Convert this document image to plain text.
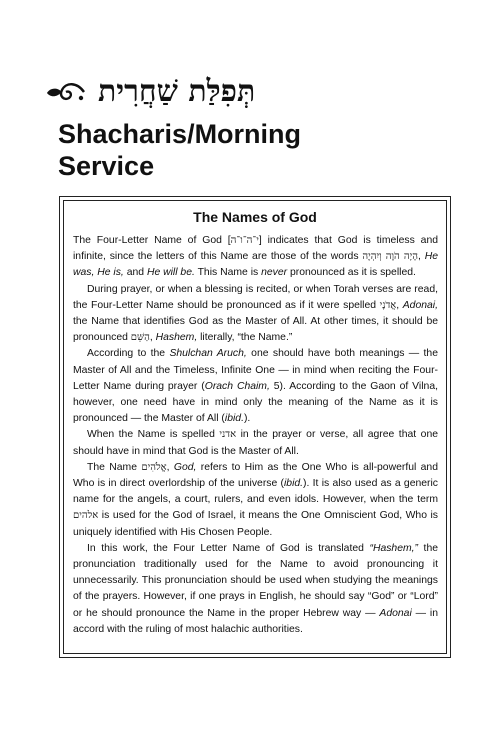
תְּפִלַּת שַׁחֲרִית
Shacharis/Morning
Service
The Names of God

The Four-Letter Name of God [י־ה־ו־ה] indicates that God is timeless and infinite, since the letters of this Name are those of the words הָיָה הֹוֶה וְיִהְיֶה, He was, He is, and He will be. This Name is never pronounced as it is spelled.

During prayer, or when a blessing is recited, or when Torah verses are read, the Four-Letter Name should be pronounced as if it were spelled אֲדֹנָי, Adonai, the Name that identifies God as the Master of All. At other times, it should be pronounced הַשֵּׁם, Hashem, literally, “the Name.”

According to the Shulchan Aruch, one should have both meanings — the Master of All and the Timeless, Infinite One — in mind when reciting the Four-Letter Name during prayer (Orach Chaim, 5). According to the Gaon of Vilna, however, one need have in mind only the meaning of the Name as it is pronounced — the Master of All (ibid.).

When the Name is spelled אדני in the prayer or verse, all agree that one should have in mind that God is the Master of All.

The Name אֱלֹהִים, God, refers to Him as the One Who is all-powerful and Who is in direct overlordship of the universe (ibid.). It is also used as a generic name for the angels, a court, rulers, and even idols. However, when the term אלהים is used for the God of Israel, it means the One Omniscient God, Who is uniquely identified with His Chosen People.

In this work, the Four Letter Name of God is translated “Hashem,” the pronunciation traditionally used for the Name to avoid pronouncing it unnecessarily. This pronunciation should be used when studying the meanings of the prayers. However, if one prays in English, he should say “God” or “Lord” or he should pronounce the Name in the proper Hebrew way — Adonai — in accord with the ruling of most halachic authorities.
